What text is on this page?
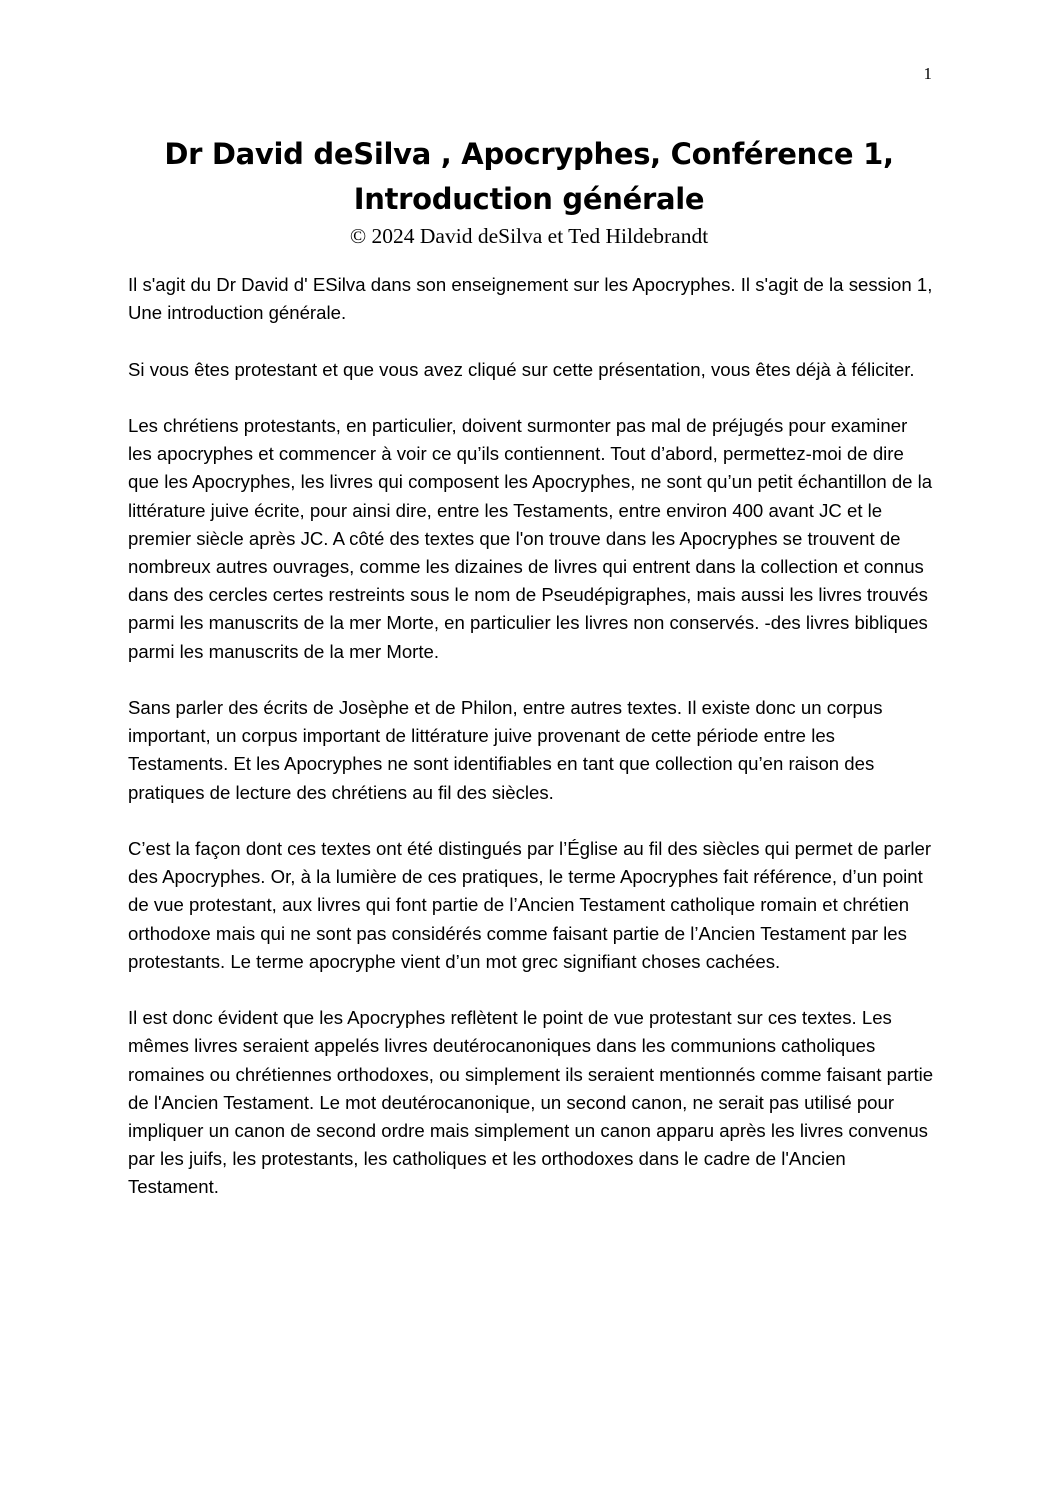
1
Dr David deSilva , Apocryphes, Conférence 1,
Introduction générale
© 2024 David deSilva et Ted Hildebrandt

Il s'agit du Dr David d' ESilva dans son enseignement sur les Apocryphes. Il s'agit de la session 1, Une introduction générale.

Si vous êtes protestant et que vous avez cliqué sur cette présentation, vous êtes déjà à féliciter.

Les chrétiens protestants, en particulier, doivent surmonter pas mal de préjugés pour examiner les apocryphes et commencer à voir ce qu’ils contiennent. Tout d’abord, permettez-moi de dire que les Apocryphes, les livres qui composent les Apocryphes, ne sont qu’un petit échantillon de la littérature juive écrite, pour ainsi dire, entre les Testaments, entre environ 400 avant JC et le premier siècle après JC. A côté des textes que l'on trouve dans les Apocryphes se trouvent de nombreux autres ouvrages, comme les dizaines de livres qui entrent dans la collection et connus dans des cercles certes restreints sous le nom de Pseudépigraphes, mais aussi les livres trouvés parmi les manuscrits de la mer Morte, en particulier les livres non conservés. -des livres bibliques parmi les manuscrits de la mer Morte.

Sans parler des écrits de Josèphe et de Philon, entre autres textes. Il existe donc un corpus important, un corpus important de littérature juive provenant de cette période entre les Testaments. Et les Apocryphes ne sont identifiables en tant que collection qu’en raison des pratiques de lecture des chrétiens au fil des siècles.

C’est la façon dont ces textes ont été distingués par l’Église au fil des siècles qui permet de parler des Apocryphes. Or, à la lumière de ces pratiques, le terme Apocryphes fait référence, d’un point de vue protestant, aux livres qui font partie de l’Ancien Testament catholique romain et chrétien orthodoxe mais qui ne sont pas considérés comme faisant partie de l’Ancien Testament par les protestants. Le terme apocryphe vient d’un mot grec signifiant choses cachées.

Il est donc évident que les Apocryphes reflètent le point de vue protestant sur ces textes. Les mêmes livres seraient appelés livres deutérocanoniques dans les communions catholiques romaines ou chrétiennes orthodoxes, ou simplement ils seraient mentionnés comme faisant partie de l'Ancien Testament. Le mot deutérocanonique, un second canon, ne serait pas utilisé pour impliquer un canon de second ordre mais simplement un canon apparu après les livres convenus par les juifs, les protestants, les catholiques et les orthodoxes dans le cadre de l'Ancien Testament.
